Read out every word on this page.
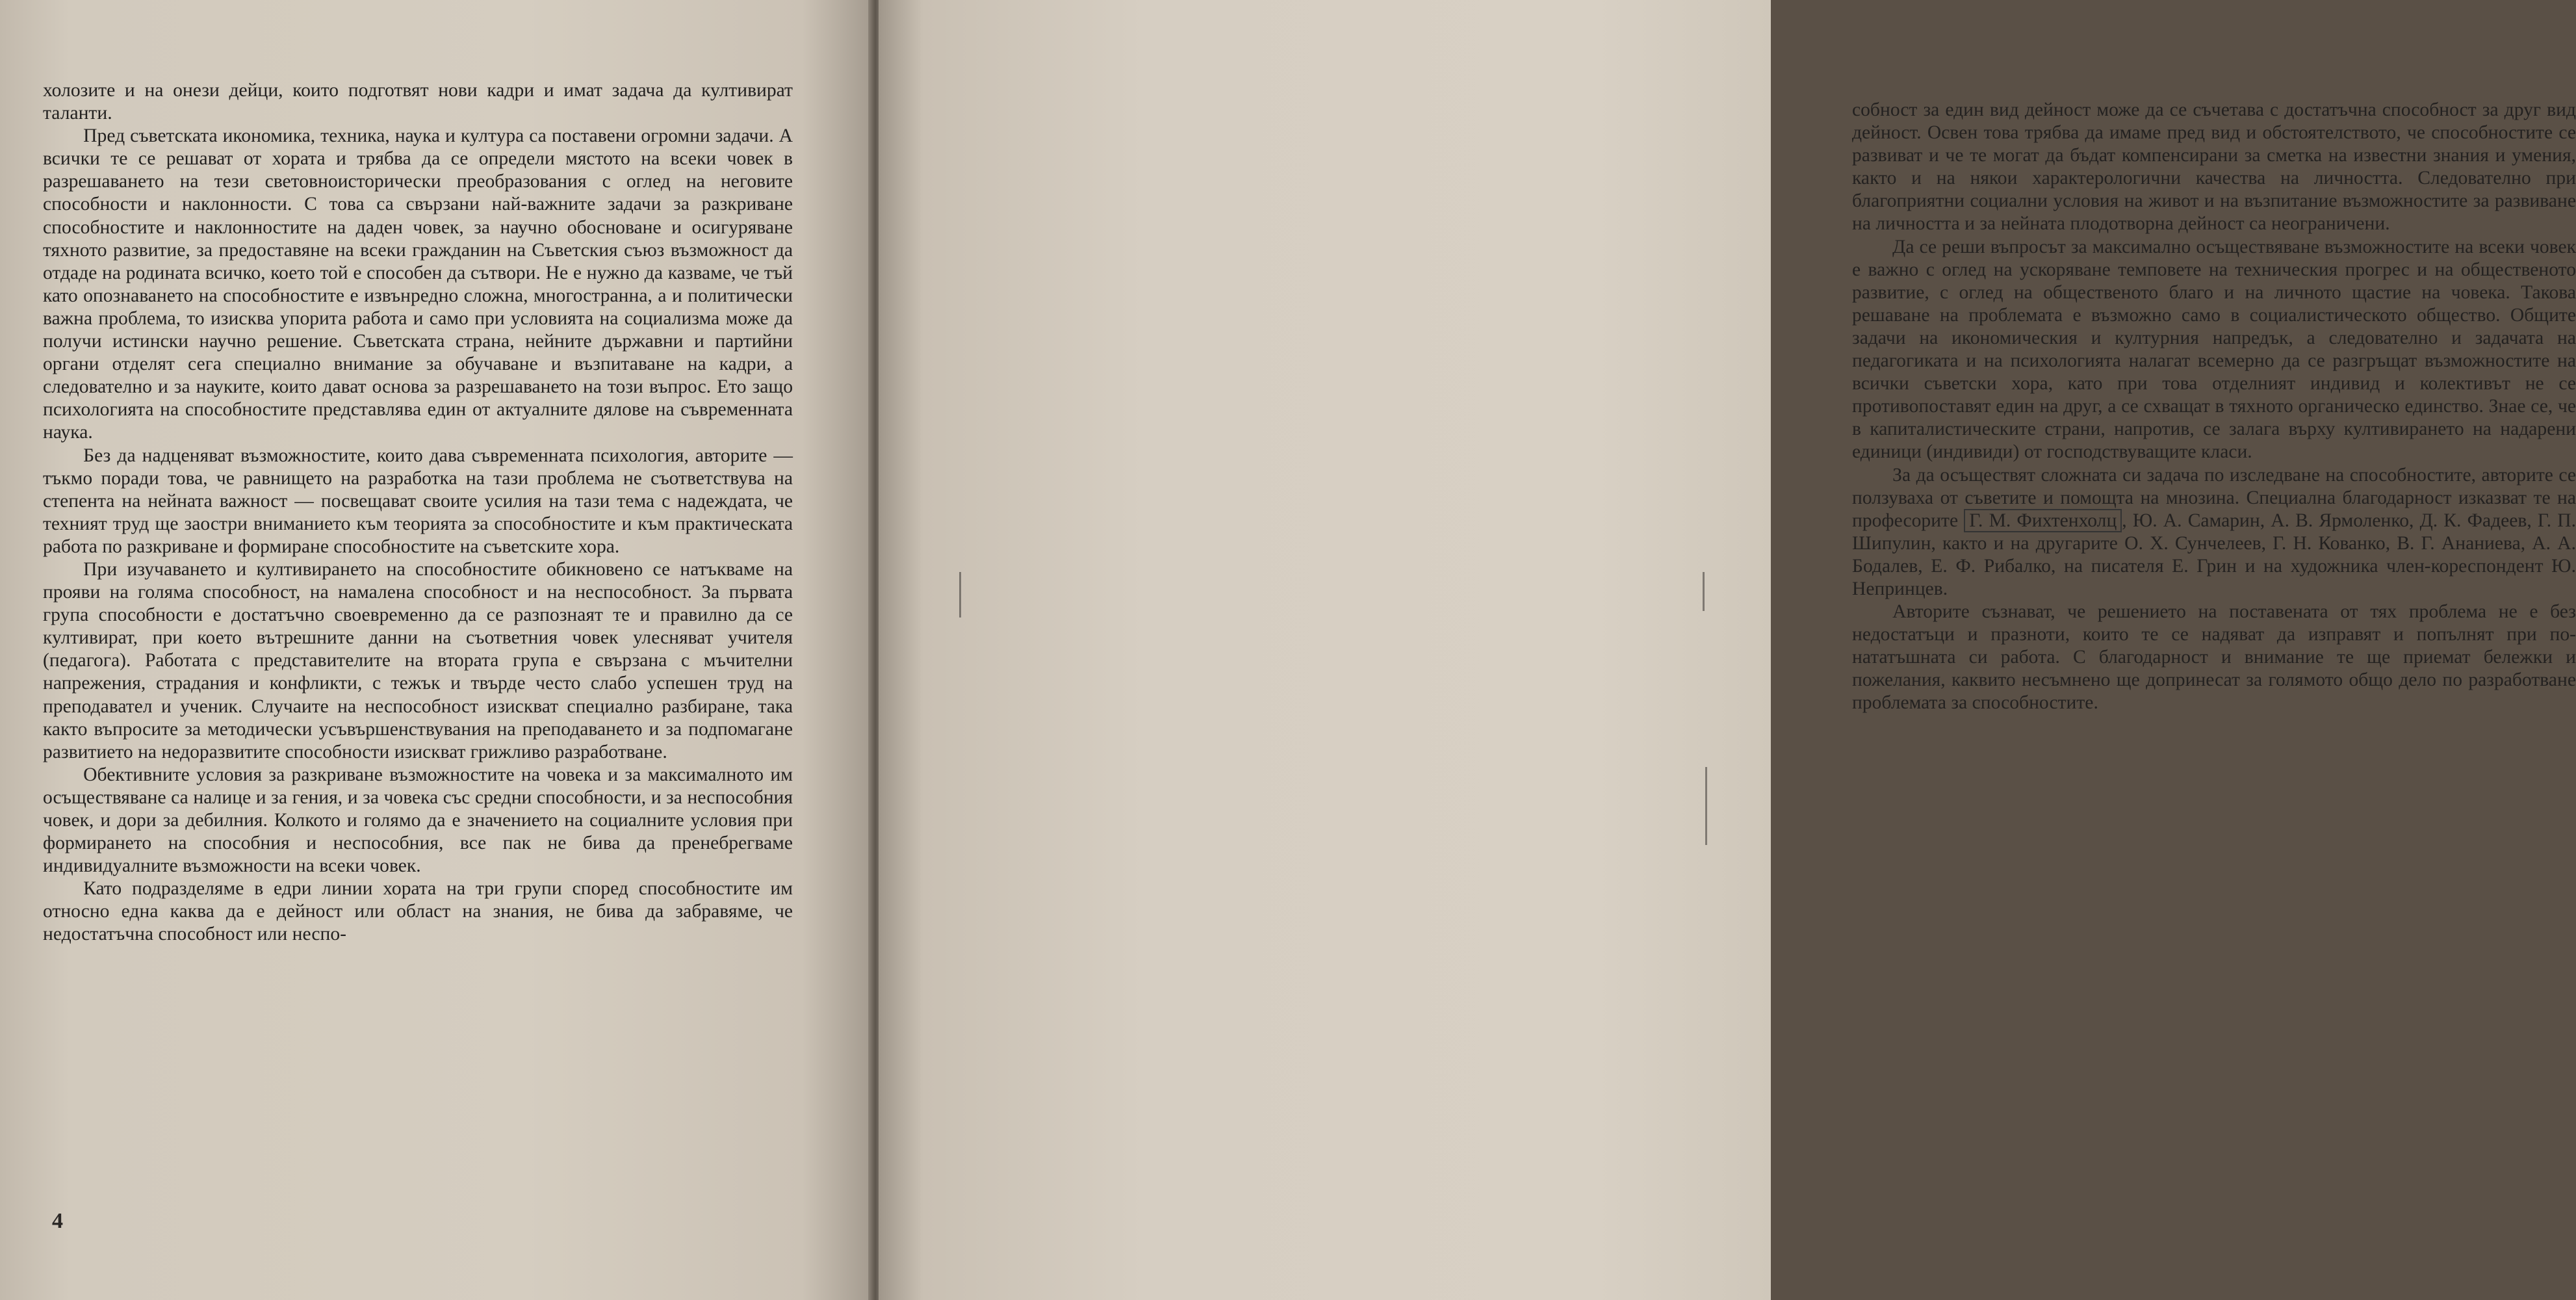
холозите и на онези дейци, които подготвят нови кадри и имат задача да култивират таланти.

Пред съветската икономика, техника, наука и култура са поставени огромни задачи. А всички те се решават от хората и трябва да се определи мястото на всеки човек в разрешаването на тези световноисторически преобразования с оглед на неговите способности и наклонности. С това са свързани най-важните задачи за разкриване способностите и наклонностите на даден човек, за научно обосноване и осигуряване тяхното развитие, за предоставяне на всеки гражданин на Съветския съюз възможност да отдаде на родината всичко, което той е способен да сътвори. Не е нужно да казваме, че тъй като опознаването на способностите е извънредно сложна, многостранна, а и политически важна проблема, то изисква упорита работа и само при условията на социализма може да получи истински научно решение. Съветската страна, нейните държавни и партийни органи отделят сега специално внимание за обучаване и възпитаване на кадри, а следователно и за науките, които дават основа за разрешаването на този въпрос. Ето защо психологията на способностите представлява един от актуалните дялове на съвременната наука.

Без да надценяват възможностите, които дава съвременната психология, авторите — тъкмо поради това, че равнището на разработка на тази проблема не съответствува на степента на нейната важност — посвещават своите усилия на тази тема с надеждата, че техният труд ще заостри вниманието към теорията за способностите и към практическата работа по разкриване и формиране способностите на съветските хора.

При изучаването и култивирането на способностите обикновено се натъкваме на прояви на голяма способност, на намалена способност и на неспособност. За първата група способности е достатъчно своевременно да се разпознаят те и правилно да се култивират, при което вътрешните данни на съответния човек улесняват учителя (педагога). Работата с представителите на втората група е свързана с мъчителни напрежения, страдания и конфликти, с тежък и твърде често слабо успешен труд на преподавател и ученик. Случаите на неспособност изискват специално разбиране, така както въпросите за методически усъвършенствувания на преподаването и за подпомагане развитието на недоразвитите способности изискват грижливо разработване.

Обективните условия за разкриване възможностите на човека и за максималното им осъществяване са налице и за гения, и за човека със средни способности, и за неспособния човек, и дори за дебилния. Колкото и голямо да е значението на социалните условия при формирането на способния и неспособния, все пак не бива да пренебрегваме индивидуалните възможности на всеки човек.

Като подразделяме в едри линии хората на три групи според способностите им относно една каква да е дейност или област на знания, не бива да забравяме, че недостатъчна способност или неспо-

4

собност за един вид дейност може да се съчетава с достатъчна способност за друг вид дейност. Освен това трябва да имаме пред вид и обстоятелството, че способностите се развиват и че те могат да бъдат компенсирани за сметка на известни знания и умения, както и на някои характерологични качества на личността. Следователно при благоприятни социални условия на живот и на възпитание възможностите за развиване на личността и за нейната плодотворна дейност са неограничени.

Да се реши въпросът за максимално осъществяване възможностите на всеки човек е важно с оглед на ускоряване темповете на техническия прогрес и на общественото развитие, с оглед на общественото благо и на личното щастие на човека. Такова решаване на проблемата е възможно само в социалистическото общество. Общите задачи на икономическия и културния напредък, а следователно и задачата на педагогиката и на психологията налагат всемерно да се разгръщат възможностите на всички съветски хора, като при това отделният индивид и колективът не се противопоставят един на друг, а се схващат в тяхното органическо единство. Знае се, че в капиталистическите страни, напротив, се залага върху култивирането на надарени единици (индивиди) от господствуващите класи.

За да осъществят сложната си задача по изследване на способностите, авторите се ползуваха от съветите и помощта на мнозина. Специална благодарност изказват те на професорите Г. М. Фихтенхолц , Ю. А. Самарин, А. В. Ярмоленко, Д. К. Фадеев, Г. П. Шипулин, както и на другарите О. Х. Сунчелеев, Г. Н. Кованко, В. Г. Ананиева, А. А. Бодалев, Е. Ф. Рибалко, на писателя Е. Грин и на художника член-кореспондент Ю. Непринцев.

Авторите съзнават, че решението на поставената от тях проблема не е без недостатъци и празноти, които те се надяват да изправят и попълнят при по-нататъшната си работа. С благодарност и внимание те ще приемат бележки и пожелания, каквито несъмнено ще допринесат за голямото общо дело по разработване проблемата за способностите.
